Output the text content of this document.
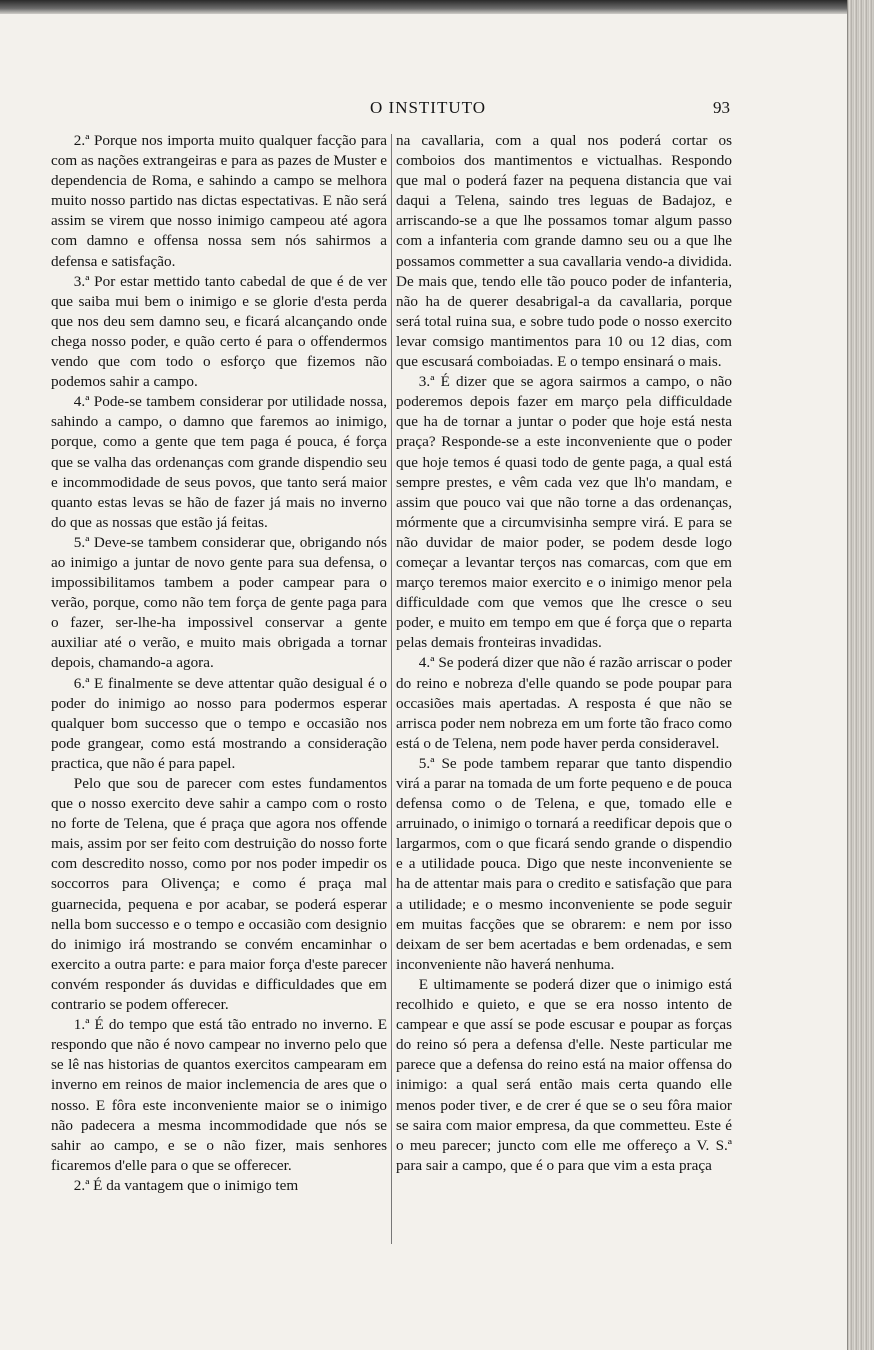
O INSTITUTO	93

2.ª Porque nos importa muito qualquer facção para com as nações extrangeiras e para as pazes de Muster e dependencia de Roma, e sahindo a campo se melhora muito nosso partido nas dictas espectativas. E não será assim se virem que nosso inimigo campeou até agora com damno e offensa nossa sem nós sahirmos a defensa e satisfação.

3.ª Por estar mettido tanto cabedal de que é de ver que saiba mui bem o inimigo e se glorie d'esta perda que nos deu sem damno seu, e ficará alcançando onde chega nosso poder, e quão certo é para o offendermos vendo que com todo o esforço que fizemos não podemos sahir a campo.

4.ª Pode-se tambem considerar por utilidade nossa, sahindo a campo, o damno que faremos ao inimigo, porque, como a gente que tem paga é pouca, é força que se valha das ordenanças com grande dispendio seu e incommodidade de seus povos, que tanto será maior quanto estas levas se hão de fazer já mais no inverno do que as nossas que estão já feitas.

5.ª Deve-se tambem considerar que, obrigando nós ao inimigo a juntar de novo gente para sua defensa, o impossibilitamos tambem a poder campear para o verão, porque, como não tem força de gente paga para o fazer, ser-lhe-ha impossivel conservar a gente auxiliar até o verão, e muito mais obrigada a tornar depois, chamando-a agora.

6.ª E finalmente se deve attentar quão desigual é o poder do inimigo ao nosso para podermos esperar qualquer bom successo que o tempo e occasião nos pode grangear, como está mostrando a consideração practica, que não é para papel.

Pelo que sou de parecer com estes fundamentos que o nosso exercito deve sahir a campo com o rosto no forte de Telena, que é praça que agora nos offende mais, assim por ser feito com destruição do nosso forte com descredito nosso, como por nos poder impedir os soccorros para Olivença; e como é praça mal guarnecida, pequena e por acabar, se poderá esperar nella bom successo e o tempo e occasião com designio do inimigo irá mostrando se convém encaminhar o exercito a outra parte: e para maior força d'este parecer convém responder ás duvidas e difficuldades que em contrario se podem offerecer.

1.ª É do tempo que está tão entrado no inverno. E respondo que não é novo campear no inverno pelo que se lê nas historias de quantos exercitos campearam em inverno em reinos de maior inclemencia de ares que o nosso. E fôra este inconveniente maior se o inimigo não padecera a mesma incommodidade que nós se sahir ao campo, e se o não fizer, mais senhores ficaremos d'elle para o que se offerecer.

2.ª É da vantagem que o inimigo tem

na cavallaria, com a qual nos poderá cortar os comboios dos mantimentos e victualhas. Respondo que mal o poderá fazer na pequena distancia que vai daqui a Telena, saindo tres leguas de Badajoz, e arriscando-se a que lhe possamos tomar algum passo com a infanteria com grande damno seu ou a que lhe possamos commetter a sua cavallaria vendo-a dividida. De mais que, tendo elle tão pouco poder de infanteria, não ha de querer desabrigal-a da cavallaria, porque será total ruina sua, e sobre tudo pode o nosso exercito levar comsigo mantimentos para 10 ou 12 dias, com que escusará comboiadas. E o tempo ensinará o mais.

3.ª É dizer que se agora sairmos a campo, o não poderemos depois fazer em março pela difficuldade que ha de tornar a juntar o poder que hoje está nesta praça? Responde-se a este inconveniente que o poder que hoje temos é quasi todo de gente paga, a qual está sempre prestes, e vêm cada vez que lh'o mandam, e assim que pouco vai que não torne a das ordenanças, mórmente que a circumvisinha sempre virá. E para se não duvidar de maior poder, se podem desde logo começar a levantar terços nas comarcas, com que em março teremos maior exercito e o inimigo menor pela difficuldade com que vemos que lhe cresce o seu poder, e muito em tempo em que é força que o reparta pelas demais fronteiras invadidas.

4.ª Se poderá dizer que não é razão arriscar o poder do reino e nobreza d'elle quando se pode poupar para occasiões mais apertadas. A resposta é que não se arrisca poder nem nobreza em um forte tão fraco como está o de Telena, nem pode haver perda consideravel.

5.ª Se pode tambem reparar que tanto dispendio virá a parar na tomada de um forte pequeno e de pouca defensa como o de Telena, e que, tomado elle e arruinado, o inimigo o tornará a reedificar depois que o largarmos, com o que ficará sendo grande o dispendio e a utilidade pouca. Digo que neste inconveniente se ha de attentar mais para o credito e satisfação que para a utilidade; e o mesmo inconveniente se pode seguir em muitas facções que se obrarem: e nem por isso deixam de ser bem acertadas e bem ordenadas, e sem inconveniente não haverá nenhuma.

E ultimamente se poderá dizer que o inimigo está recolhido e quieto, e que se era nosso intento de campear e que assí se pode escusar e poupar as forças do reino só pera a defensa d'elle. Neste particular me parece que a defensa do reino está na maior offensa do inimigo: a qual será então mais certa quando elle menos poder tiver, e de crer é que se o seu fôra maior se saira com maior empresa, da que commetteu. Este é o meu parecer; juncto com elle me offereço a V. S.ª para sair a campo, que é o para que vim a esta praça
